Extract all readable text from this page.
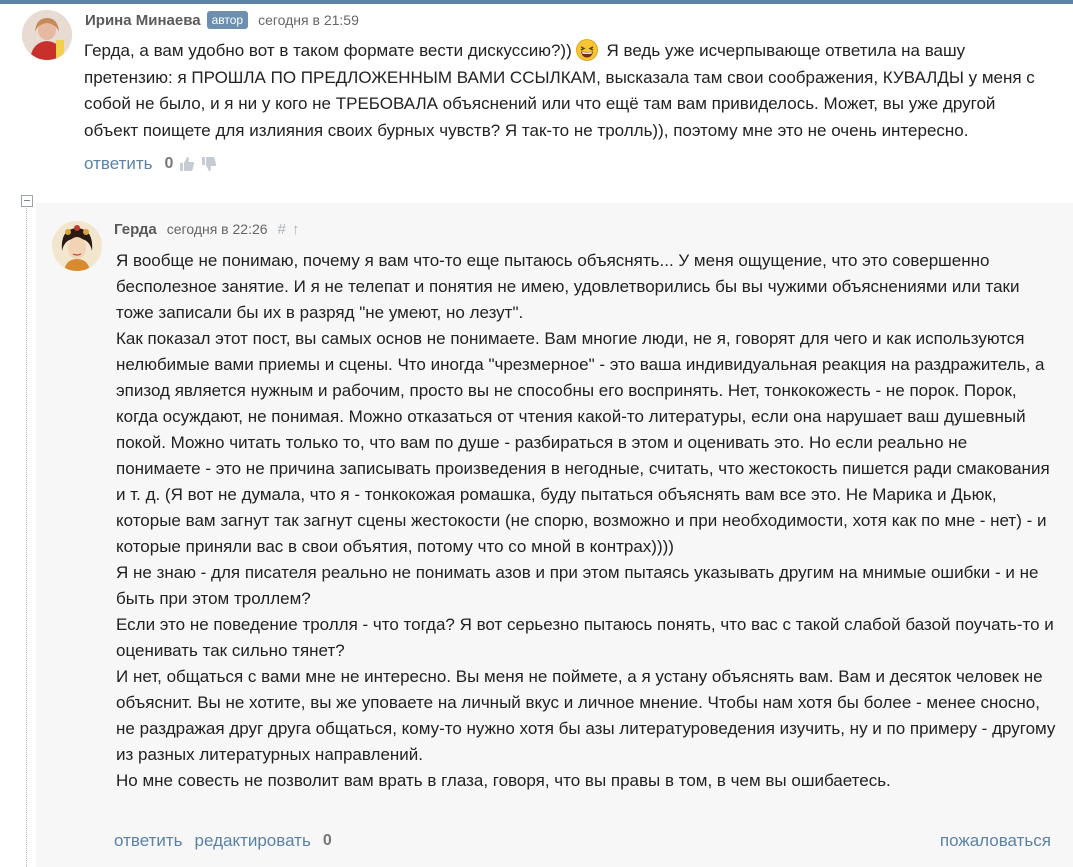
Ирина Минаева автор	сегодня в 21:59
Герда, а вам удобно вот в таком формате вести дискуссию?)) Я ведь уже исчерпывающе ответила на вашу претензию: я ПРОШЛА ПО ПРЕДЛОЖЕННЫМ ВАМИ ССЫЛКАМ, высказала там свои соображения, КУВАЛДЫ у меня с собой не было, и я ни у кого не ТРЕБОВАЛА объяснений или что ещё там вам привиделось. Может, вы уже другой объект поищете для излияния своих бурных чувств? Я так-то не тролль)), поэтому мне это не очень интересно.
ответить 0
Герда сегодня в 22:26 # ↑

Я вообще не понимаю, почему я вам что-то еще пытаюсь объяснять... У меня ощущение, что это совершенно бесполезное занятие. И я не телепат и понятия не имею, удовлетворились бы вы чужими объяснениями или таки тоже записали бы их в разряд "не умеют, но лезут".

Как показал этот пост, вы самых основ не понимаете. Вам многие люди, не я, говорят для чего и как используются нелюбимые вами приемы и сцены. Что иногда "чрезмерное" - это ваша индивидуальная реакция на раздражитель, а эпизод является нужным и рабочим, просто вы не способны его воспринять. Нет, тонкокожесть - не порок. Порок, когда осуждают, не понимая. Можно отказаться от чтения какой-то литературы, если она нарушает ваш душевный покой. Можно читать только то, что вам по душе - разбираться в этом и оценивать это. Но если реально не понимаете - это не причина записывать произведения в негодные, считать, что жестокость пишется ради смакования и т. д. (Я вот не думала, что я - тонкокожая ромашка, буду пытаться объяснять вам все это. Не Марика и Дьюк, которые вам загнут так загнут сцены жестокости (не спорю, возможно и при необходимости, хотя как по мне - нет) - и которые приняли вас в свои объятия, потому что со мной в контрах))))

Я не знаю - для писателя реально не понимать азов и при этом пытаясь указывать другим на мнимые ошибки - и не быть при этом троллем?

Если это не поведение тролля - что тогда? Я вот серьезно пытаюсь понять, что вас с такой слабой базой поучать-то и оценивать так сильно тянет?

И нет, общаться с вами мне не интересно. Вы меня не поймете, а я устану объяснять вам. Вам и десяток человек не объяснит. Вы не хотите, вы же уповаете на личный вкус и личное мнение. Чтобы нам хотя бы более - менее сносно, не раздражая друг друга общаться, кому-то нужно хотя бы азы литературоведения изучить, ну и по примеру - другому из разных литературных направлений.

Но мне совесть не позволит вам врать в глаза, говоря, что вы правы в том, в чем вы ошибаетесь.

ответить редактировать 0	пожаловаться
